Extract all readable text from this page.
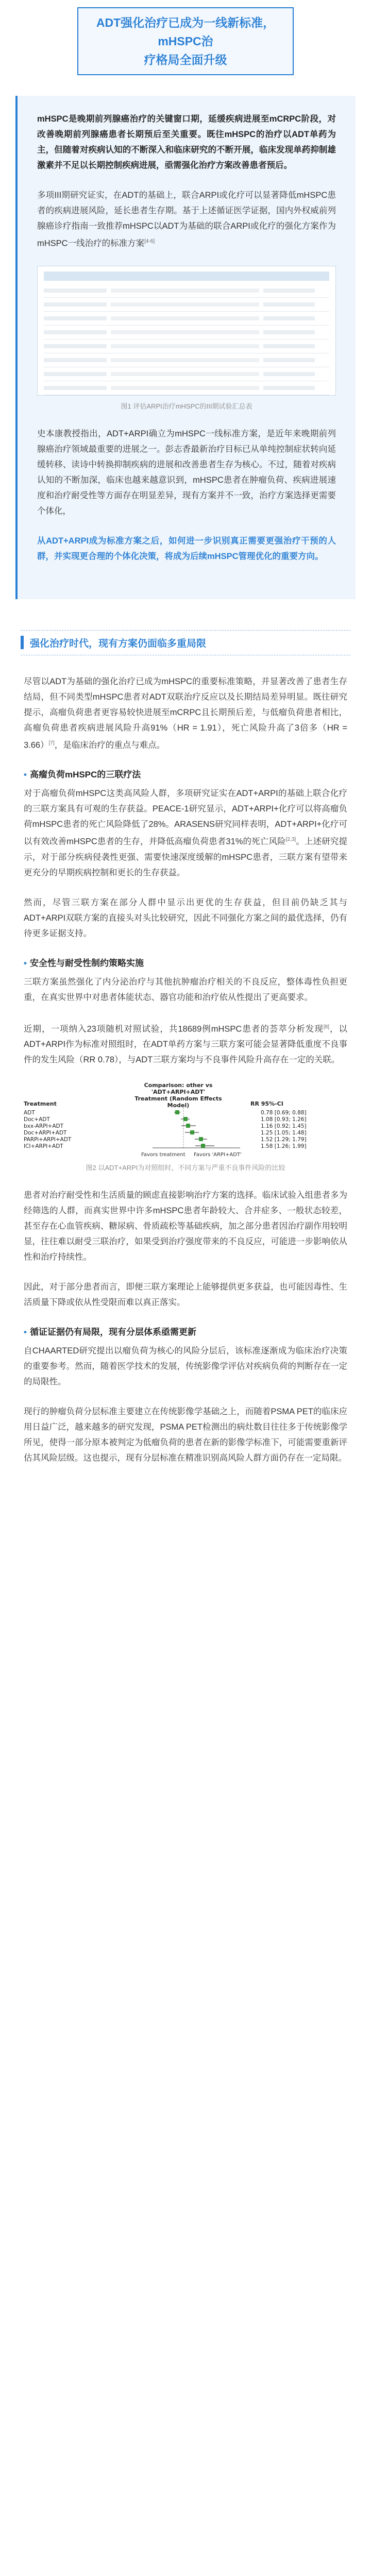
ADT强化治疗已成为一线新标准，mHSPC治
疗格局全面升级

mHSPC是晚期前列腺癌治疗的关键窗口期，延缓疾病进展至mCRPC阶段，对改善晚期前列腺癌患者长期预后至关重要。既往mHSPC的治疗以ADT单药为主，但随着对疾病认知的不断深入和临床研究的不断开展，临床发现单药抑制雄激素并不足以长期控制疾病进展，亟需强化治疗方案改善患者预后。

多项III期研究证实，在ADT的基础上，联合ARPI或化疗可以显著降低mHSPC患者的疾病进展风险，延长患者生存期。基于上述循证医学证据，国内外权威前列腺癌诊疗指南一致推荐mHSPC以ADT为基础的联合ARPI或化疗的强化方案作为mHSPC一线治疗的标准方案[4-6]

图1 评估ARPI治疗mHSPC的III期试验汇总表

史本康教授指出，ADT+ARPI确立为mHSPC一线标准方案，是近年来晚期前列腺癌治疗领域最重要的进展之一。彭志香最新治疗目标已从单纯控制症状转向延缓转移、读诗中转换抑制疾病的进展和改善患者生存为核心。不过，随着对疾病认知的不断加深，临床也越来越意识到，mHSPC患者在肿瘤负荷、疾病进展速度和治疗耐受性等方面存在明显差异，现有方案并不一致，治疗方案选择更需要个体化，

从ADT+ARPI成为标准方案之后，如何进一步识别真正需要更强治疗干预的人群，并实现更合理的个体化决策，将成为后续mHSPC管理优化的重要方向。

强化治疗时代，现有方案仍面临多重局限

尽管以ADT为基础的强化治疗已成为mHSPC的重要标准策略，并显著改善了患者生存结局，但不同类型mHSPC患者对ADT双联治疗反应以及长期结局差异明显。既往研究提示，高瘤负荷患者更容易较快进展至mCRPC且长期预后差，与低瘤负荷患者相比，高瘤负荷患者疾病进展风险升高91%（HR = 1.91），死亡风险升高了3倍多（HR = 3.66）[7]，是临床治疗的重点与难点。

• 高瘤负荷mHSPC的三联疗法

对于高瘤负荷mHSPC这类高风险人群，多项研究证实在ADT+ARPI的基础上联合化疗的三联方案具有可观的生存获益。PEACE-1研究显示，ADT+ARPI+化疗可以将高瘤负荷mHSPC患者的死亡风险降低了28%。ARASENS研究同样表明，ADT+ARPI+化疗可以有效改善mHSPC患者的生存，并降低高瘤负荷患者31%的死亡风险[2,3]。上述研究提示，对于部分疾病侵袭性更强、需要快速深度缓解的mHSPC患者，三联方案有望带来更充分的早期疾病控制和更长的生存获益。

然而，尽管三联方案在部分人群中显示出更优的生存获益，但目前仍缺乏其与ADT+ARPI双联方案的直接头对头比较研究，因此不同强化方案之间的最优选择，仍有待更多证据支持。

• 安全性与耐受性制约策略实施

三联方案虽然强化了内分泌治疗与其他抗肿瘤治疗相关的不良反应，整体毒性负担更重，在真实世界中对患者体能状态、器官功能和治疗依从性提出了更高要求。

近期，一项纳入23项随机对照试验，共18689例mHSPC患者的荟萃分析发现[8]，以ADT+ARPI作为标准对照组时，在ADT单药方案与三联方案可能会显著降低重度不良事件的发生风险（RR 0.78），与ADT三联方案均与不良事件风险升高存在一定的关联。

Comparison: other vs 'ADT+ARPI+ADT'
Treatment (Random Effects Model)
Treatment	RR 95%-CI
ADT
Doc+ADT
bxx-ARPI+ADT
Doc+ARPI+ADT
PARPi+ARPI+ADT
ICI+ARPI+ADT
0.78 [0.69; 0.88]
1.08 [0.93; 1.26]
1.16 [0.92; 1.45]
1.25 [1.05; 1.48]
1.52 [1.29; 1.79]
1.58 [1.26; 1.99]
Favors treatment Favors 'ARPI+ADT'

图2 以ADT+ARPI为对照组时，不同方案与严重不良事件风险的比较

患者对治疗耐受性和生活质量的顾虑直接影响治疗方案的选择。临床试验入组患者多为经筛选的人群，而真实世界中许多mHSPC患者年龄较大、合并症多、一般状态较差，甚至存在心血管疾病、糖尿病、骨质疏松等基础疾病，加之部分患者因治疗副作用较明显，往往难以耐受三联治疗，如果受到治疗强度带来的不良反应，可能进一步影响依从性和治疗持续性。

因此，对于部分患者而言，即便三联方案理论上能够提供更多获益，也可能因毒性、生活质量下降或依从性受限而难以真正落实。

• 循证证据仍有局限，现有分层体系亟需更新

自CHAARTED研究提出以瘤负荷为核心的风险分层后，该标准逐渐成为临床治疗决策的重要参考。然而，随着医学技术的发展，传统影像学评估对疾病负荷的判断存在一定的局限性。

现行的肿瘤负荷分层标准主要建立在传统影像学基础之上，而随着PSMA PET的临床应用日益广泛，越来越多的研究发现，PSMA PET检测出的病灶数目往往多于传统影像学所见，使得一部分原本被判定为低瘤负荷的患者在新的影像学标准下，可能需要重新评估其风险层级。这也提示，现有分层标准在精准识别高风险人群方面仍存在一定局限。
